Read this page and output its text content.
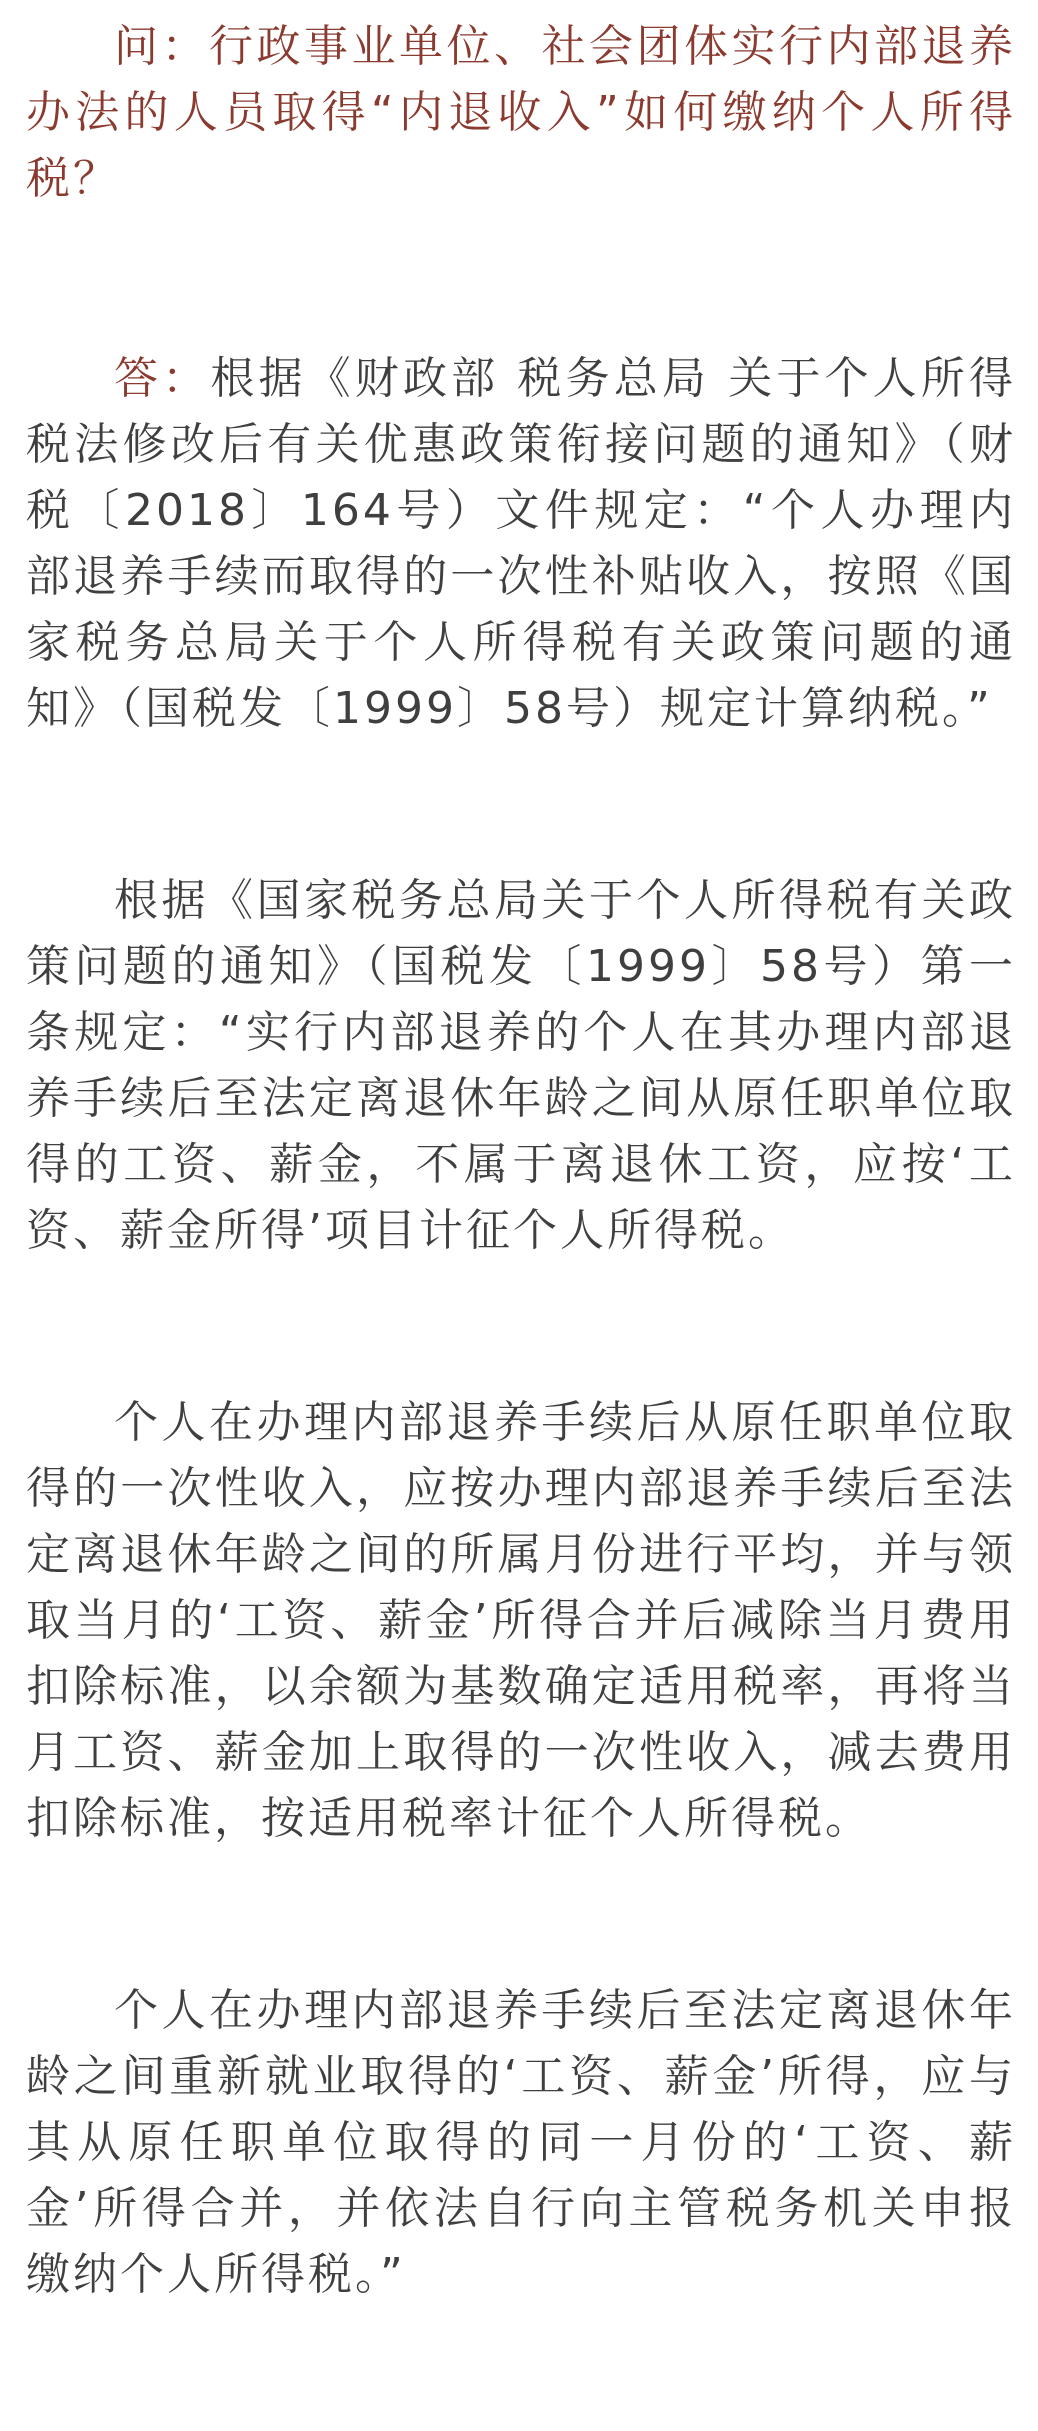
问：行政事业单位、社会团体实行内部退养办法的人员取得“内退收入”如何缴纳个人所得税？

答：根据《财政部 税务总局 关于个人所得税法修改后有关优惠政策衔接问题的通知》（财税〔2018〕164号）文件规定：“个人办理内部退养手续而取得的一次性补贴收入，按照《国家税务总局关于个人所得税有关政策问题的通知》（国税发〔1999〕58号）规定计算纳税。”

根据《国家税务总局关于个人所得税有关政策问题的通知》（国税发〔1999〕58号）第一条规定：“实行内部退养的个人在其办理内部退养手续后至法定离退休年龄之间从原任职单位取得的工资、薪金，不属于离退休工资，应按‘工资、薪金所得’项目计征个人所得税。

个人在办理内部退养手续后从原任职单位取得的一次性收入，应按办理内部退养手续后至法定离退休年龄之间的所属月份进行平均，并与领取当月的‘工资、薪金’所得合并后减除当月费用扣除标准，以余额为基数确定适用税率，再将当月工资、薪金加上取得的一次性收入，减去费用扣除标准，按适用税率计征个人所得税。

个人在办理内部退养手续后至法定离退休年龄之间重新就业取得的‘工资、薪金’所得，应与其从原任职单位取得的同一月份的‘工资、薪金’所得合并，并依法自行向主管税务机关申报缴纳个人所得税。”
